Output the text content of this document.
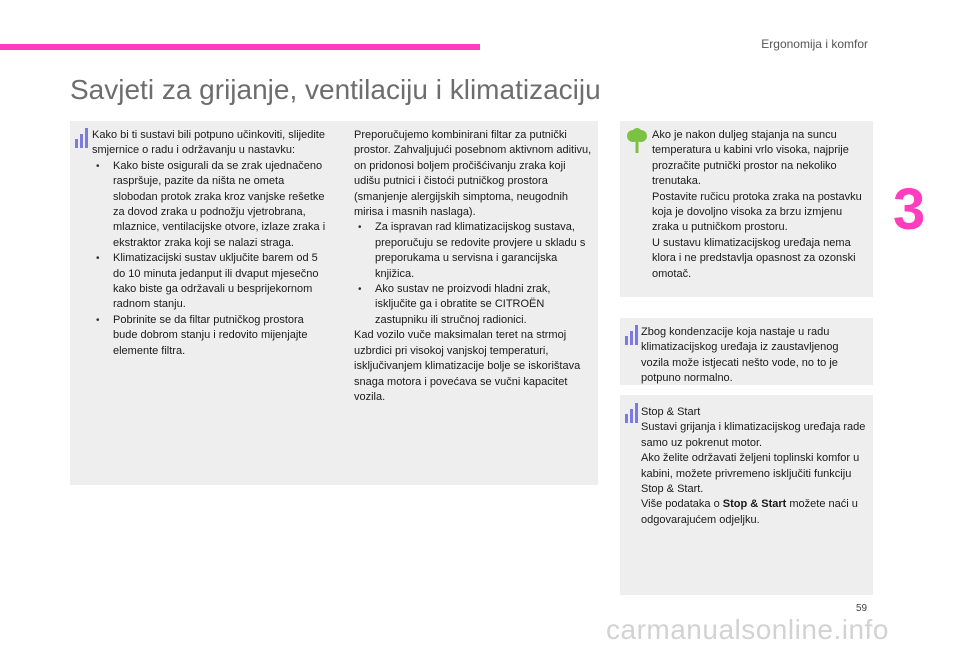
Ergonomija i komfor
3
Savjeti za grijanje, ventilaciju i klimatizaciju

Kako bi ti sustavi bili potpuno učinkoviti, slijedite smjernice o radu i održavanju u nastavku:

• Kako biste osigurali da se zrak ujednačeno raspršuje, pazite da ništa ne ometa slobodan protok zraka kroz vanjske rešetke za dovod zraka u podnožju vjetrobrana, mlaznice, ventilacijske otvore, izlaze zraka i ekstraktor zraka koji se nalazi straga.

• Klimatizacijski sustav uključite barem od 5 do 10 minuta jedanput ili dvaput mjesečno kako biste ga održavali u besprijekornom radnom stanju.

• Pobrinite se da filtar putničkog prostora bude dobrom stanju i redovito mijenjajte elemente filtra.

Preporučujemo kombinirani filtar za putnički prostor. Zahvaljujući posebnom aktivnom aditivu, on pridonosi boljem pročišćivanju zraka koji udišu putnici i čistoći putničkog prostora (smanjenje alergijskih simptoma, neugodnih mirisa i masnih naslaga).

• Za ispravan rad klimatizacijskog sustava, preporučuju se redovite provjere u skladu s preporukama u servisna i garancijska knjižica.

• Ako sustav ne proizvodi hladni zrak, isključite ga i obratite se CITROËN zastupniku ili stručnoj radionici.

Kad vozilo vuče maksimalan teret na strmoj uzbrdici pri visokoj vanjskoj temperaturi, isključivanjem klimatizacije bolje se iskorištava snaga motora i povećava se vučni kapacitet vozila.

Ako je nakon duljeg stajanja na suncu temperatura u kabini vrlo visoka, najprije prozračite putnički prostor na nekoliko trenutaka.

Postavite ručicu protoka zraka na postavku koja je dovoljno visoka za brzu izmjenu zraka u putničkom prostoru.

U sustavu klimatizacijskog uređaja nema klora i ne predstavlja opasnost za ozonski omotač.

Zbog kondenzacije koja nastaje u radu klimatizacijskog uređaja iz zaustavljenog vozila može istjecati nešto vode, no to je potpuno normalno.

Stop & Start

Sustavi grijanja i klimatizacijskog uređaja rade samo uz pokrenut motor.

Ako želite održavati željeni toplinski komfor u kabini, možete privremeno isključiti funkciju Stop & Start.

Više podataka o Stop & Start možete naći u odgovarajućem odjeljku.

59
carmanualsonline.info
